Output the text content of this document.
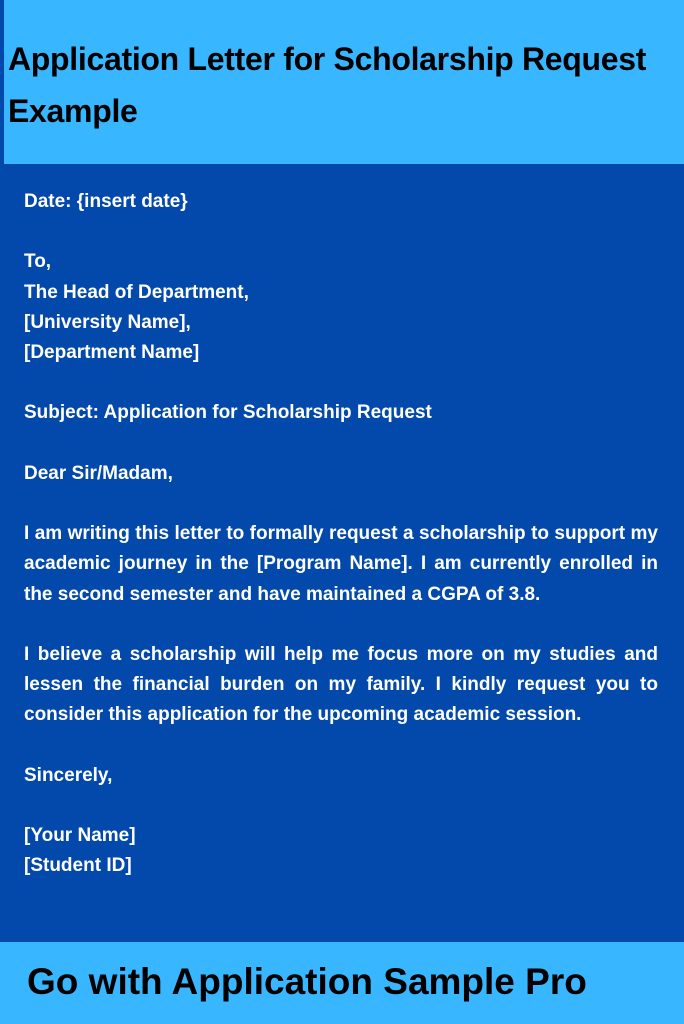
Application Letter for Scholarship Request Example
Date: {insert date}
To,
The Head of Department,
[University Name],
[Department Name]
Subject: Application for Scholarship Request
Dear Sir/Madam,

I am writing this letter to formally request a scholarship to support my academic journey in the [Program Name]. I am currently enrolled in the second semester and have maintained a CGPA of 3.8.

I believe a scholarship will help me focus more on my studies and lessen the financial burden on my family. I kindly request you to consider this application for the upcoming academic session.

Sincerely,
[Your Name]
[Student ID]
Go with Application Sample Pro
